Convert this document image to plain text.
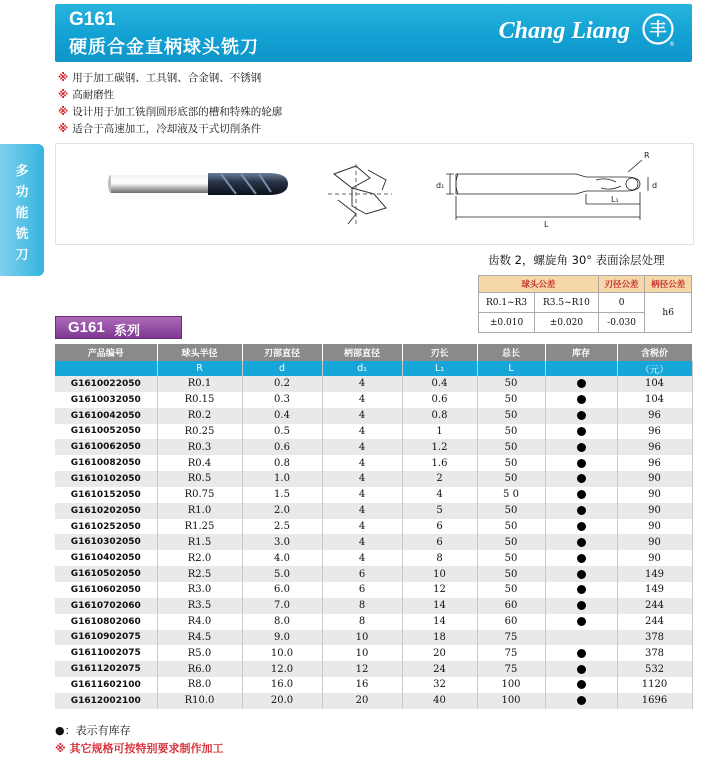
G161
硬质合金直柄球头铣刀
Chang Liang 丰
®
※ 用于加工碳钢、工具钢、合金钢、不锈钢
※ 高耐磨性
※ 设计用于加工铣削圆形底部的槽和特殊的轮廓
※ 适合于高速加工，冷却液及干式切削条件
多
功
能
铣
刀
d₁	d
R
L₁
L
齿数 2，螺旋角 30° 表面涂层处理
球头公差		刃径公差	柄径公差
R0.1~R3	R3.5~R10	0	h6
±0.010	±0.020	-0.030	
G161 系列
产品编号	球头半径	刃部直径	柄部直径	刃长	总长	库存	含税价
	R	d	d₁	L₁	L		（元）
G1610022050	R0.1	0.2	4	0.4	50		104
G1610032050	R0.15	0.3	4	0.6	50		104
G1610042050	R0.2	0.4	4	0.8	50		96
G1610052050	R0.25	0.5	4	1	50		96
G1610062050	R0.3	0.6	4	1.2	50		96
G1610082050	R0.4	0.8	4	1.6	50		96
G1610102050	R0.5	1.0	4	2	50		90
G1610152050	R0.75	1.5	4	4	5 0		90
G1610202050	R1.0	2.0	4	5	50		90
G1610252050	R1.25	2.5	4	6	50		90
G1610302050	R1.5	3.0	4	6	50		90
G1610402050	R2.0	4.0	4	8	50		90
G1610502050	R2.5	5.0	6	10	50		149
G1610602050	R3.0	6.0	6	12	50		149
G1610702060	R3.5	7.0	8	14	60		244
G1610802060	R4.0	8.0	8	14	60		244
G1610902075	R4.5	9.0	10	18	75		378
G1611002075	R5.0	10.0	10	20	75		378
G1611202075	R6.0	12.0	12	24	75		532
G1611602100	R8.0	16.0	16	32	100		1120
G1612002100	R10.0	20.0	20	40	100		1696
●：表示有库存
※ 其它规格可按特别要求制作加工
